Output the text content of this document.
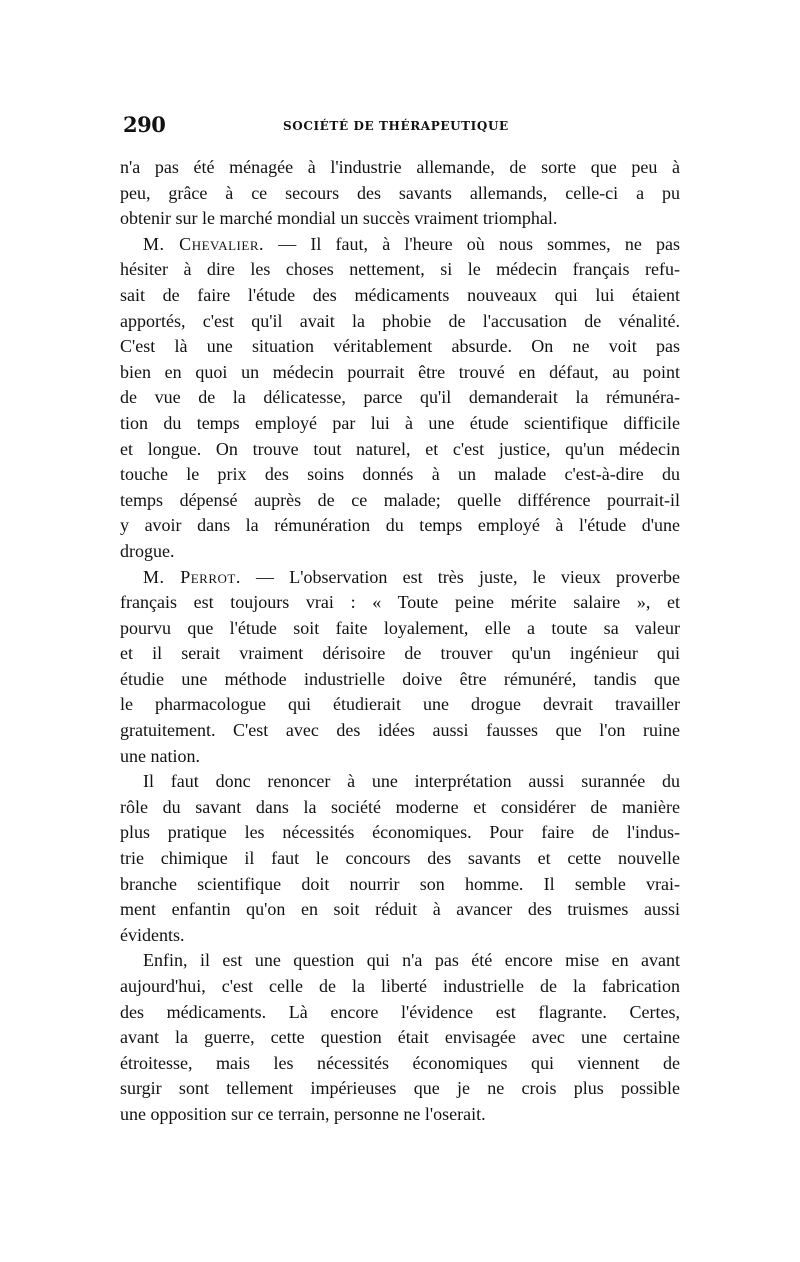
290	SOCIÉTÉ DE THÉRAPEUTIQUE
n'a pas été ménagée à l'industrie allemande, de sorte que peu à
peu, grâce à ce secours des savants allemands, celle-ci a pu
obtenir sur le marché mondial un succès vraiment triomphal.
M. Chevalier. — Il faut, à l'heure où nous sommes, ne pas
hésiter à dire les choses nettement, si le médecin français refu-
sait de faire l'étude des médicaments nouveaux qui lui étaient
apportés, c'est qu'il avait la phobie de l'accusation de vénalité.
C'est là une situation véritablement absurde. On ne voit pas
bien en quoi un médecin pourrait être trouvé en défaut, au point
de vue de la délicatesse, parce qu'il demanderait la rémunéra-
tion du temps employé par lui à une étude scientifique difficile
et longue. On trouve tout naturel, et c'est justice, qu'un médecin
touche le prix des soins donnés à un malade c'est-à-dire du
temps dépensé auprès de ce malade; quelle différence pourrait-il
y avoir dans la rémunération du temps employé à l'étude d'une
drogue.
M. Perrot. — L'observation est très juste, le vieux proverbe
français est toujours vrai : « Toute peine mérite salaire », et
pourvu que l'étude soit faite loyalement, elle a toute sa valeur
et il serait vraiment dérisoire de trouver qu'un ingénieur qui
étudie une méthode industrielle doive être rémunéré, tandis que
le pharmacologue qui étudierait une drogue devrait travailler
gratuitement. C'est avec des idées aussi fausses que l'on ruine
une nation.
Il faut donc renoncer à une interprétation aussi surannée du
rôle du savant dans la société moderne et considérer de manière
plus pratique les nécessités économiques. Pour faire de l'indus-
trie chimique il faut le concours des savants et cette nouvelle
branche scientifique doit nourrir son homme. Il semble vrai-
ment enfantin qu'on en soit réduit à avancer des truismes aussi
évidents.
Enfin, il est une question qui n'a pas été encore mise en avant
aujourd'hui, c'est celle de la liberté industrielle de la fabrication
des médicaments. Là encore l'évidence est flagrante. Certes,
avant la guerre, cette question était envisagée avec une certaine
étroitesse, mais les nécessités économiques qui viennent de
surgir sont tellement impérieuses que je ne crois plus possible
une opposition sur ce terrain, personne ne l'oserait.
